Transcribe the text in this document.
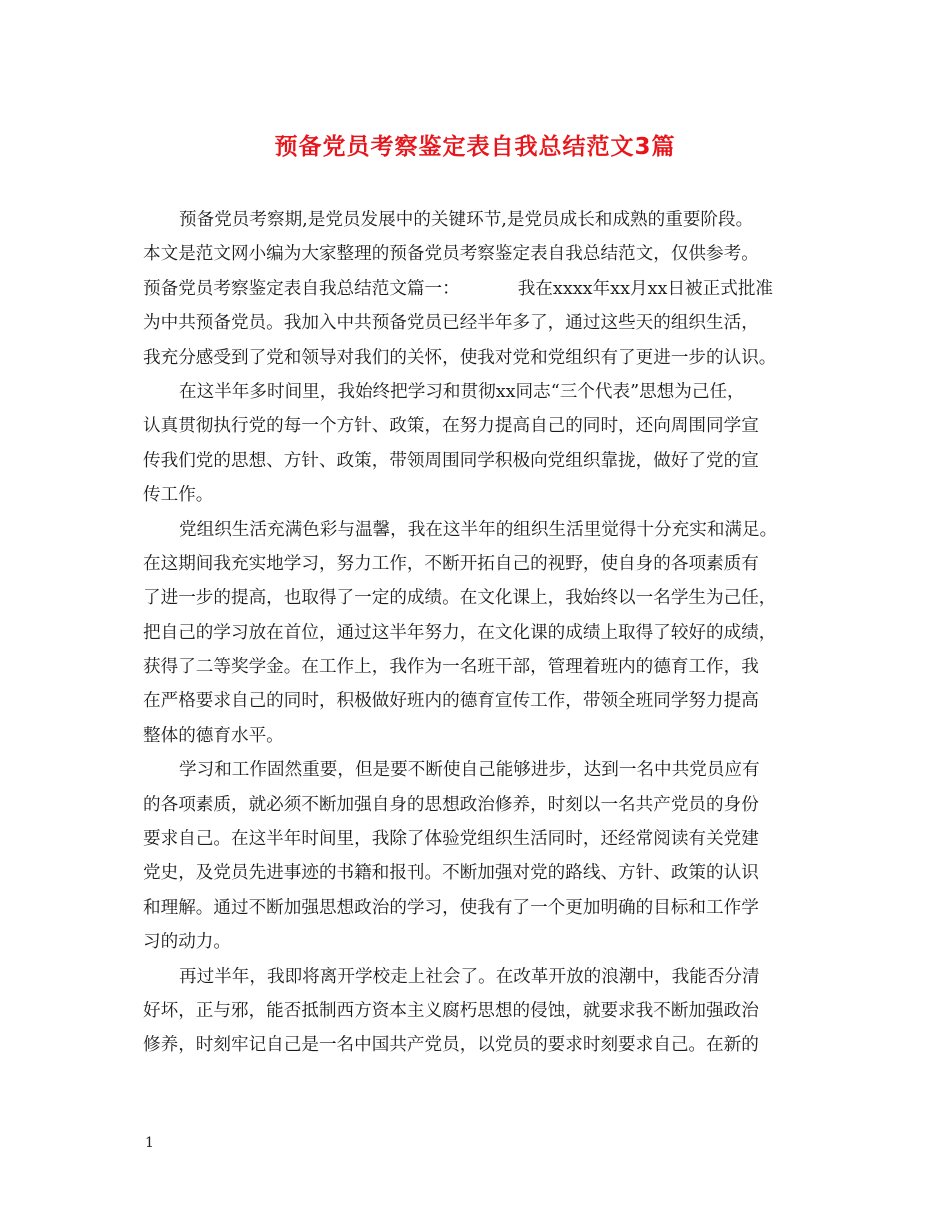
预备党员考察鉴定表自我总结范文3篇

预备党员考察期,是党员发展中的关键环节,是党员成长和成熟的重要阶段。

本文是范文网小编为大家整理的预备党员考察鉴定表自我总结范文，仅供参考。

预备党员考察鉴定表自我总结范文篇一：	我在xxxx年xx月xx日被正式批准

为中共预备党员。我加入中共预备党员已经半年多了，通过这些天的组织生活，

我充分感受到了党和领导对我们的关怀，使我对党和党组织有了更进一步的认识。

在这半年多时间里，我始终把学习和贯彻xx同志“三个代表”思想为己任，

认真贯彻执行党的每一个方针、政策，在努力提高自己的同时，还向周围同学宣

传我们党的思想、方针、政策，带领周围同学积极向党组织靠拢，做好了党的宣

传工作。

党组织生活充满色彩与温馨，我在这半年的组织生活里觉得十分充实和满足。

在这期间我充实地学习，努力工作，不断开拓自己的视野，使自身的各项素质有

了进一步的提高，也取得了一定的成绩。在文化课上，我始终以一名学生为己任，

把自己的学习放在首位，通过这半年努力，在文化课的成绩上取得了较好的成绩，

获得了二等奖学金。在工作上，我作为一名班干部，管理着班内的德育工作，我

在严格要求自己的同时，积极做好班内的德育宣传工作，带领全班同学努力提高

整体的德育水平。

学习和工作固然重要，但是要不断使自己能够进步，达到一名中共党员应有

的各项素质，就必须不断加强自身的思想政治修养，时刻以一名共产党员的身份

要求自己。在这半年时间里，我除了体验党组织生活同时，还经常阅读有关党建

党史，及党员先进事迹的书籍和报刊。不断加强对党的路线、方针、政策的认识

和理解。通过不断加强思想政治的学习，使我有了一个更加明确的目标和工作学

习的动力。

再过半年，我即将离开学校走上社会了。在改革开放的浪潮中，我能否分清

好坏，正与邪，能否抵制西方资本主义腐朽思想的侵蚀，就要求我不断加强政治

修养，时刻牢记自己是一名中国共产党员，以党员的要求时刻要求自己。在新的

1
